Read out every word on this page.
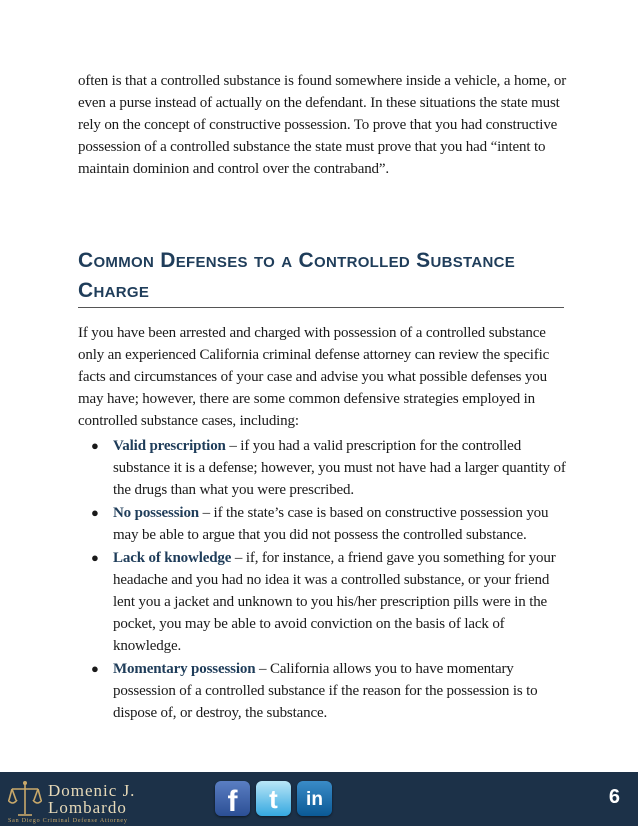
often is that a controlled substance is found somewhere inside a vehicle, a home, or even a purse instead of actually on the defendant. In these situations the state must rely on the concept of constructive possession. To prove that you had constructive possession of a controlled substance the state must prove that you had “intent to maintain dominion and control over the contraband”.

Common Defenses to a Controlled Substance Charge

If you have been arrested and charged with possession of a controlled substance only an experienced California criminal defense attorney can review the specific facts and circumstances of your case and advise you what possible defenses you may have; however, there are some common defensive strategies employed in controlled substance cases, including:

● Valid prescription – if you had a valid prescription for the controlled substance it is a defense; however, you must not have had a larger quantity of the drugs than what you were prescribed.
● No possession – if the state’s case is based on constructive possession you may be able to argue that you did not possess the controlled substance.
● Lack of knowledge – if, for instance, a friend gave you something for your headache and you had no idea it was a controlled substance, or your friend lent you a jacket and unknown to you his/her prescription pills were in the pocket, you may be able to avoid conviction on the basis of lack of knowledge.
● Momentary possession – California allows you to have momentary possession of a controlled substance if the reason for the possession is to dispose of, or destroy, the substance.
Domenic J.
Lombardo
San Diego Criminal Defense Attorney
f	t	in	6
